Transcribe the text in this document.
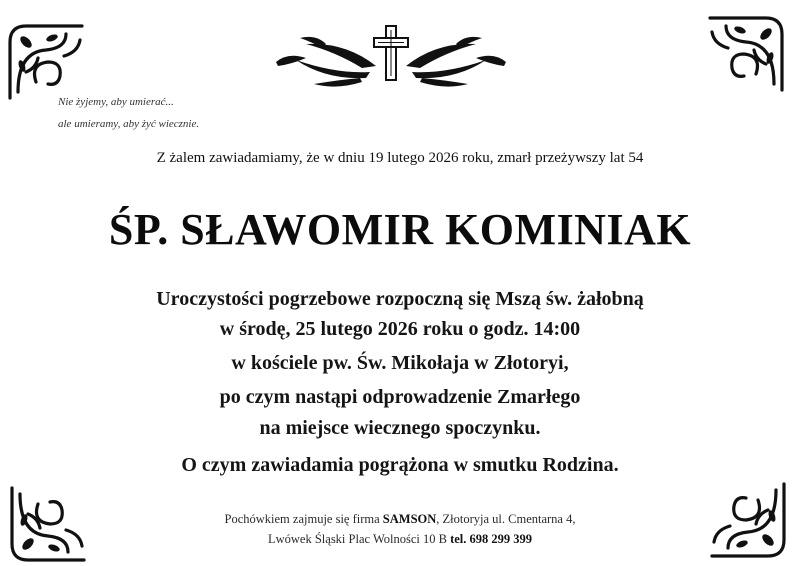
Nie żyjemy, aby umierać...
ale umieramy, aby żyć wiecznie.
Z żalem zawiadamiamy, że w dniu 19 lutego 2026 roku, zmarł przeżywszy lat 54
ŚP. SŁAWOMIR KOMINIAK
Uroczystości pogrzebowe rozpoczną się Mszą św. żałobną
w środę, 25 lutego 2026 roku o godz. 14:00
w kościele pw. Św. Mikołaja w Złotoryi,
po czym nastąpi odprowadzenie Zmarłego
na miejsce wiecznego spoczynku.
O czym zawiadamia pogrążona w smutku Rodzina.
Pochówkiem zajmuje się firma SAMSON, Złotoryja ul. Cmentarna 4,
Lwówek Śląski Plac Wolności 10 B tel. 698 299 399
